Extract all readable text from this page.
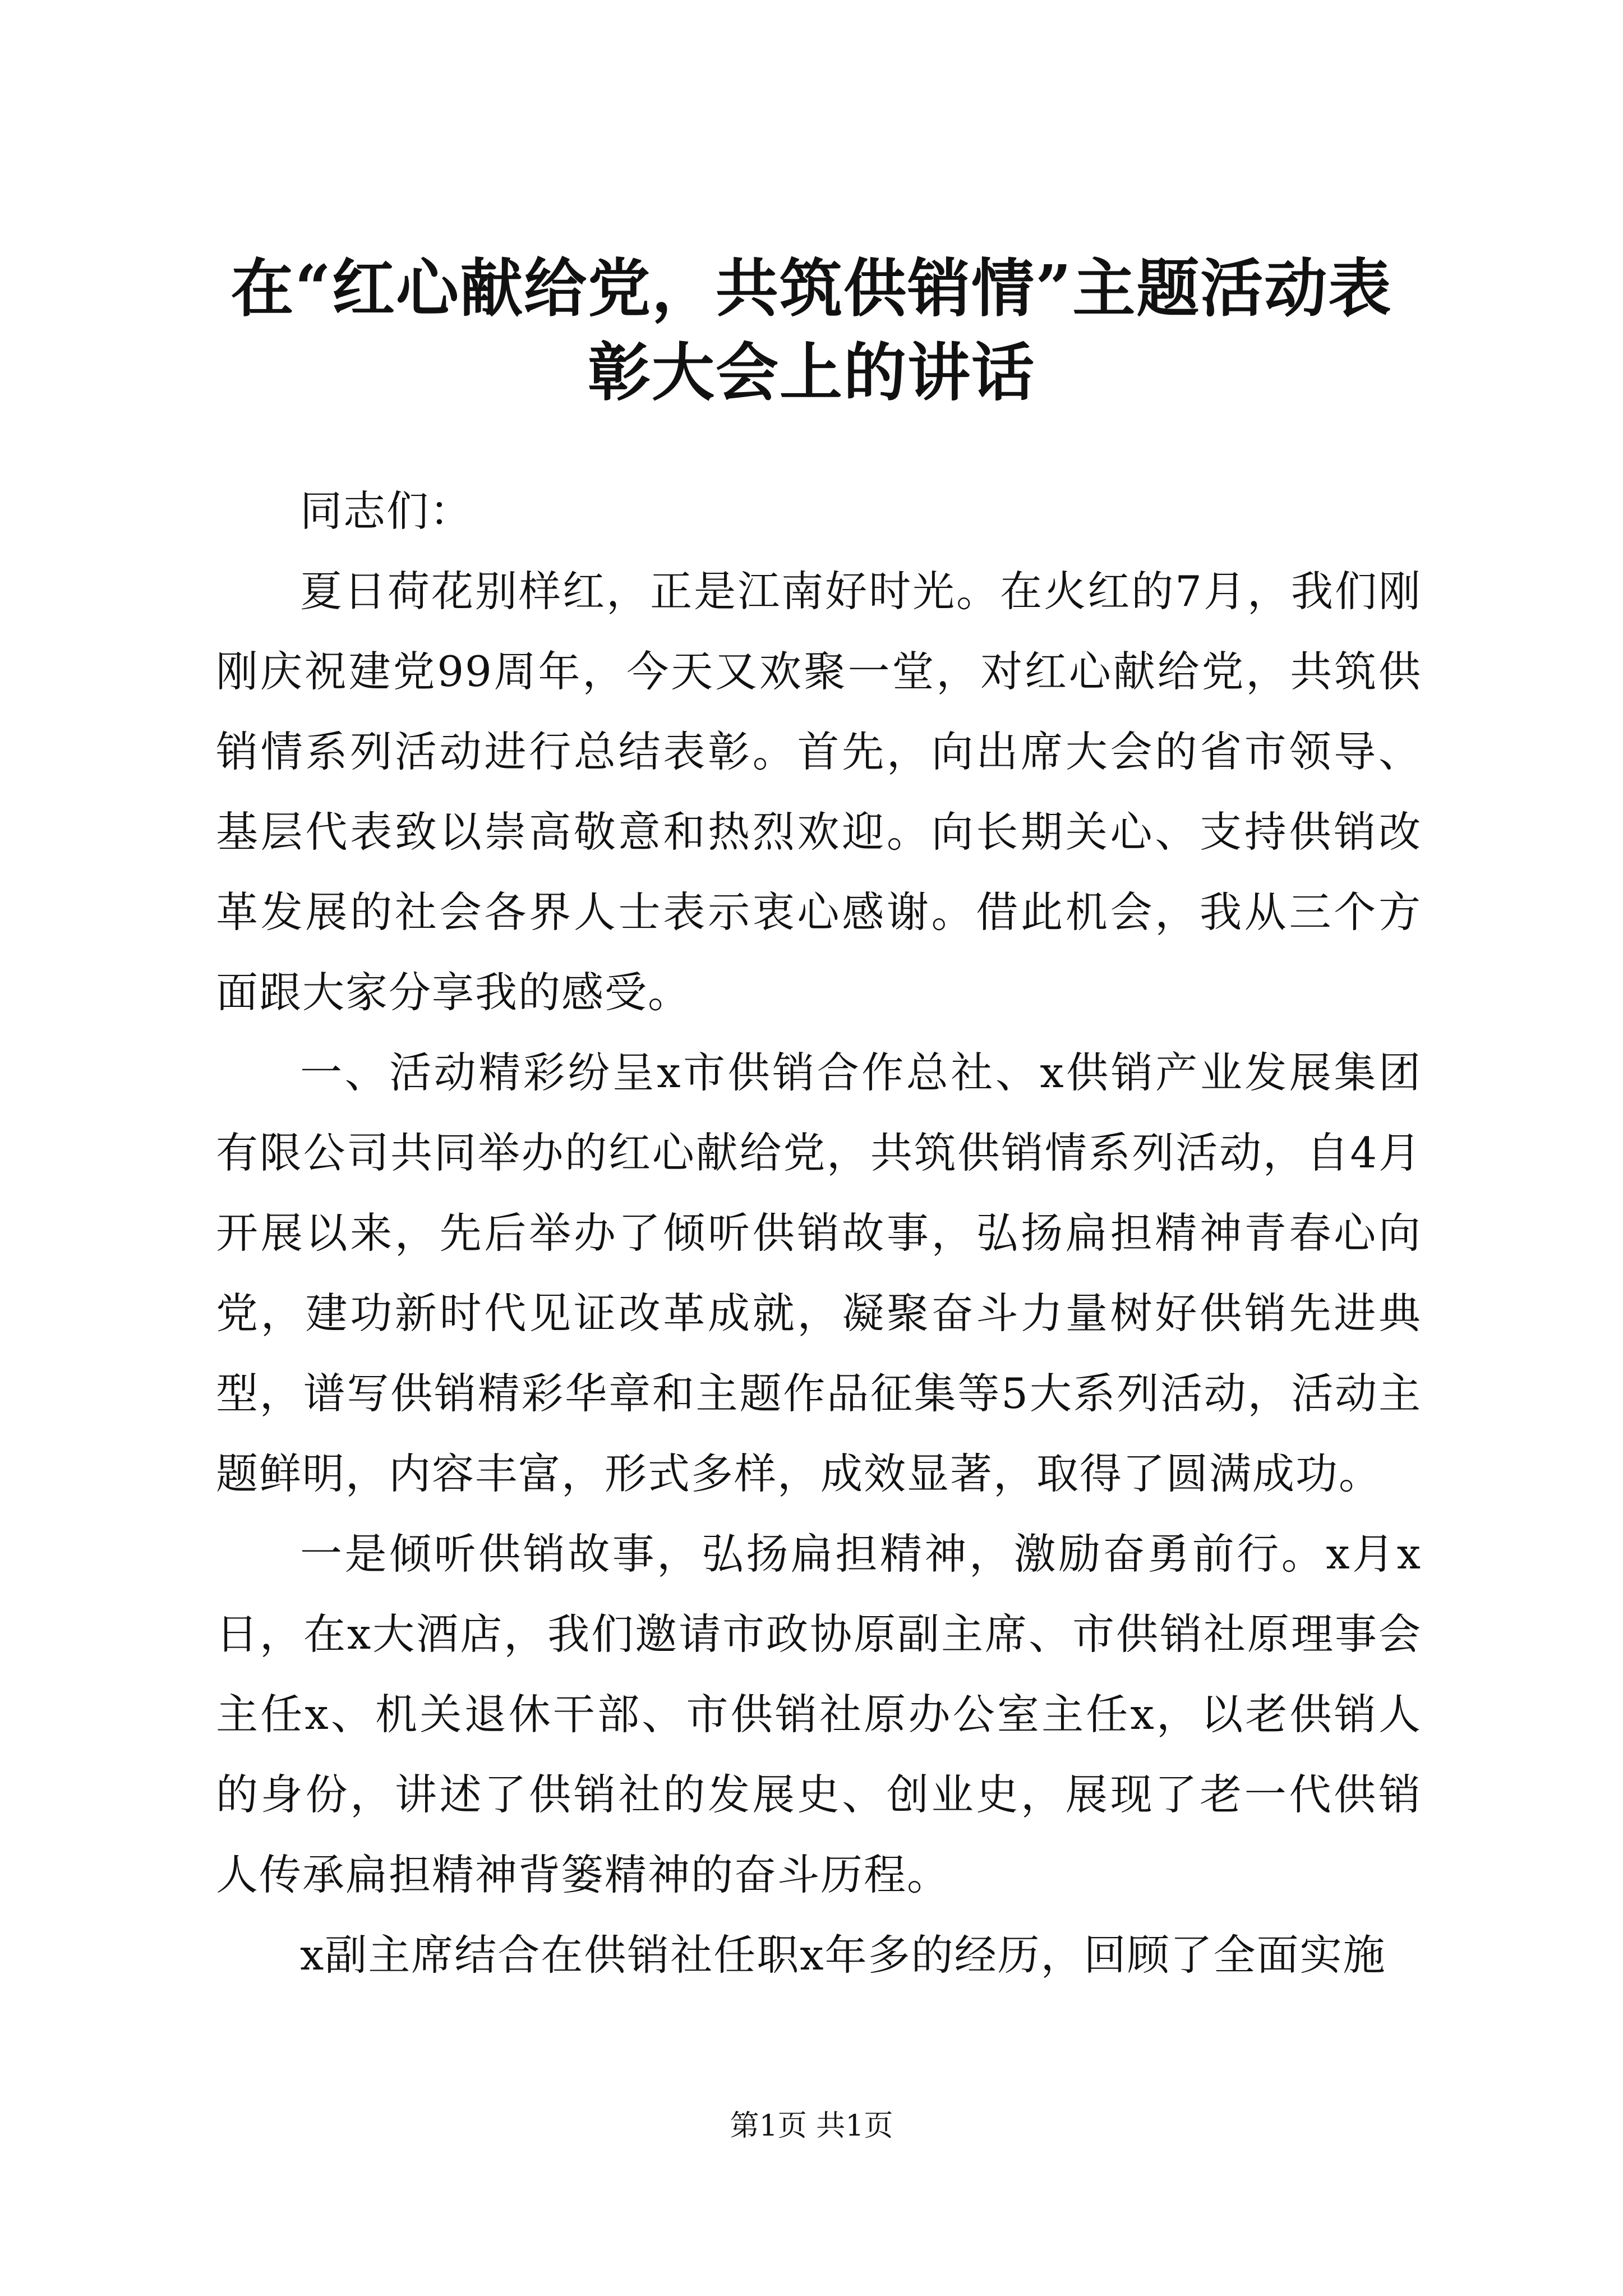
在“红心献给党，共筑供销情”主题活动表彰大会上的讲话

同志们：

夏日荷花别样红，正是江南好时光。在火红的7月，我们刚刚庆祝建党99周年，今天又欢聚一堂，对红心献给党，共筑供销情系列活动进行总结表彰。首先，向出席大会的省市领导、基层代表致以崇高敬意和热烈欢迎。向长期关心、支持供销改革发展的社会各界人士表示衷心感谢。借此机会，我从三个方面跟大家分享我的感受。

一、活动精彩纷呈x市供销合作总社、x供销产业发展集团有限公司共同举办的红心献给党，共筑供销情系列活动，自4月开展以来，先后举办了倾听供销故事，弘扬扁担精神青春心向党，建功新时代见证改革成就，凝聚奋斗力量树好供销先进典型，谱写供销精彩华章和主题作品征集等5大系列活动，活动主题鲜明，内容丰富，形式多样，成效显著，取得了圆满成功。

一是倾听供销故事，弘扬扁担精神，激励奋勇前行。x月x日，在x大酒店，我们邀请市政协原副主席、市供销社原理事会主任x、机关退休干部、市供销社原办公室主任x，以老供销人的身份，讲述了供销社的发展史、创业史，展现了老一代供销人传承扁担精神背篓精神的奋斗历程。

x副主席结合在供销社任职x年多的经历，回顾了全面实施

第1页 共1页
